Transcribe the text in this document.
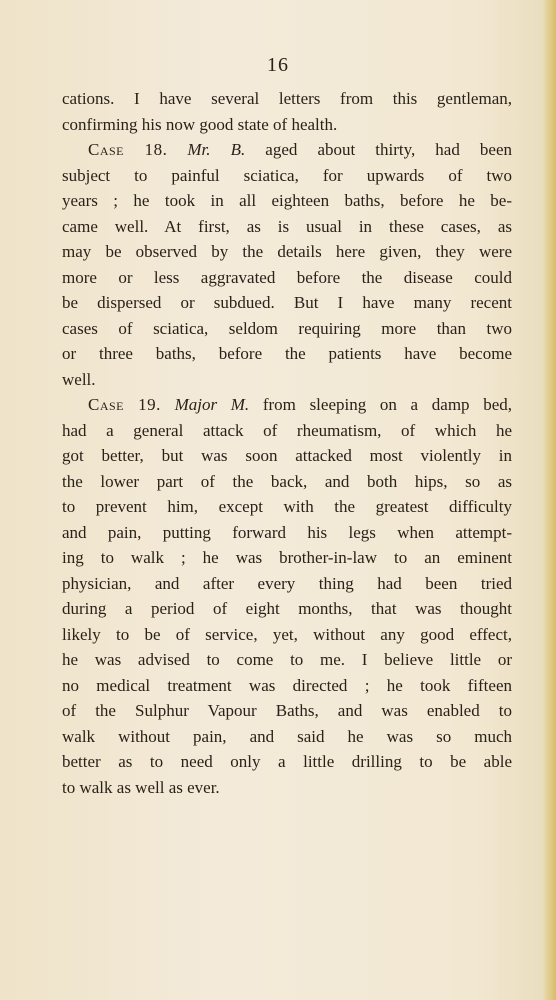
16
cations. I have several letters from this gentleman,
confirming his now good state of health.
Case 18. Mr. B. aged about thirty, had been
subject to painful sciatica, for upwards of two
years ; he took in all eighteen baths, before he be-
came well. At first, as is usual in these cases, as
may be observed by the details here given, they were
more or less aggravated before the disease could
be dispersed or subdued. But I have many recent
cases of sciatica, seldom requiring more than two
or three baths, before the patients have become
well.
Case 19. Major M. from sleeping on a damp bed,
had a general attack of rheumatism, of which he
got better, but was soon attacked most violently in
the lower part of the back, and both hips, so as
to prevent him, except with the greatest difficulty
and pain, putting forward his legs when attempt-
ing to walk ; he was brother-in-law to an eminent
physician, and after every thing had been tried
during a period of eight months, that was thought
likely to be of service, yet, without any good effect,
he was advised to come to me. I believe little or
no medical treatment was directed ; he took fifteen
of the Sulphur Vapour Baths, and was enabled to
walk without pain, and said he was so much
better as to need only a little drilling to be able
to walk as well as ever.
